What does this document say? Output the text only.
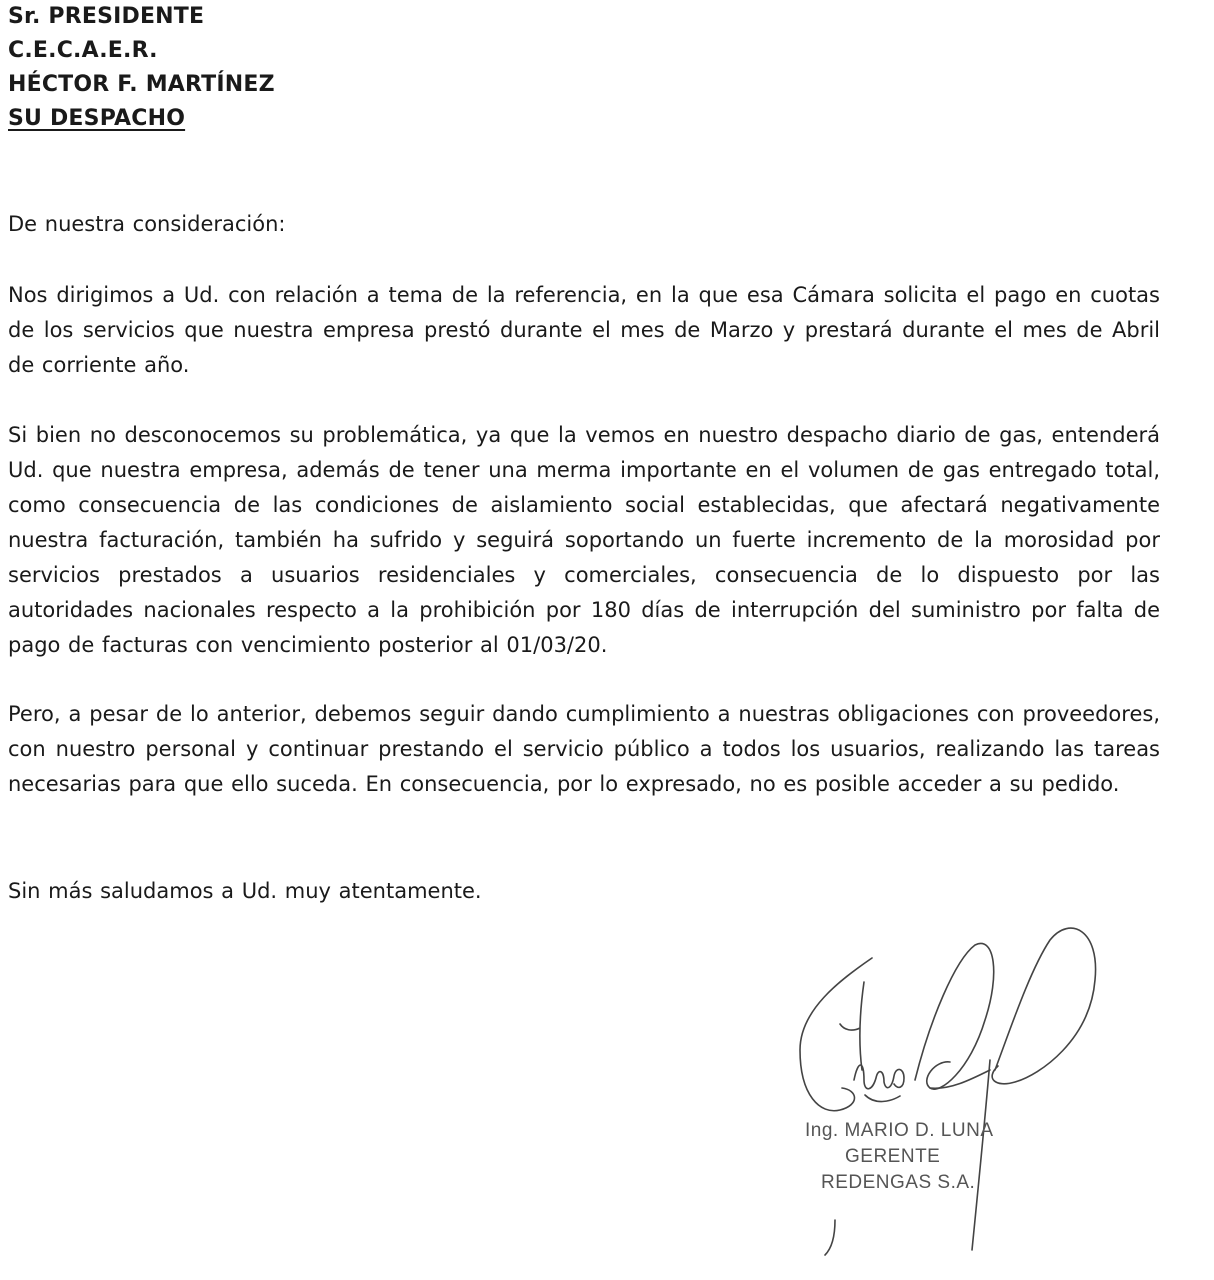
Sr. PRESIDENTE
C.E.C.A.E.R.
HÉCTOR F. MARTÍNEZ
SU DESPACHO
De nuestra consideración:
Nos dirigimos a Ud. con relación a tema de la referencia, en la que esa Cámara solicita el pago en cuotas de los servicios que nuestra empresa prestó durante el mes de Marzo y prestará durante el mes de Abril de corriente año.
Si bien no desconocemos su problemática, ya que la vemos en nuestro despacho diario de gas, entenderá Ud. que nuestra empresa, además de tener una merma importante en el volumen de gas entregado total, como consecuencia de las condiciones de aislamiento social establecidas, que afectará negativamente nuestra facturación, también ha sufrido y seguirá soportando un fuerte incremento de la morosidad por servicios prestados a usuarios residenciales y comerciales, consecuencia de lo dispuesto por las autoridades nacionales respecto a la prohibición por 180 días de interrupción del suministro por falta de pago de facturas con vencimiento posterior al 01/03/20.
Pero, a pesar de lo anterior, debemos seguir dando cumplimiento a nuestras obligaciones con proveedores, con nuestro personal y continuar prestando el servicio público a todos los usuarios, realizando las tareas necesarias para que ello suceda. En consecuencia, por lo expresado, no es posible acceder a su pedido.
Sin más saludamos a Ud. muy atentamente.
Ing. MARIO D. LUNA
GERENTE
REDENGAS S.A.
